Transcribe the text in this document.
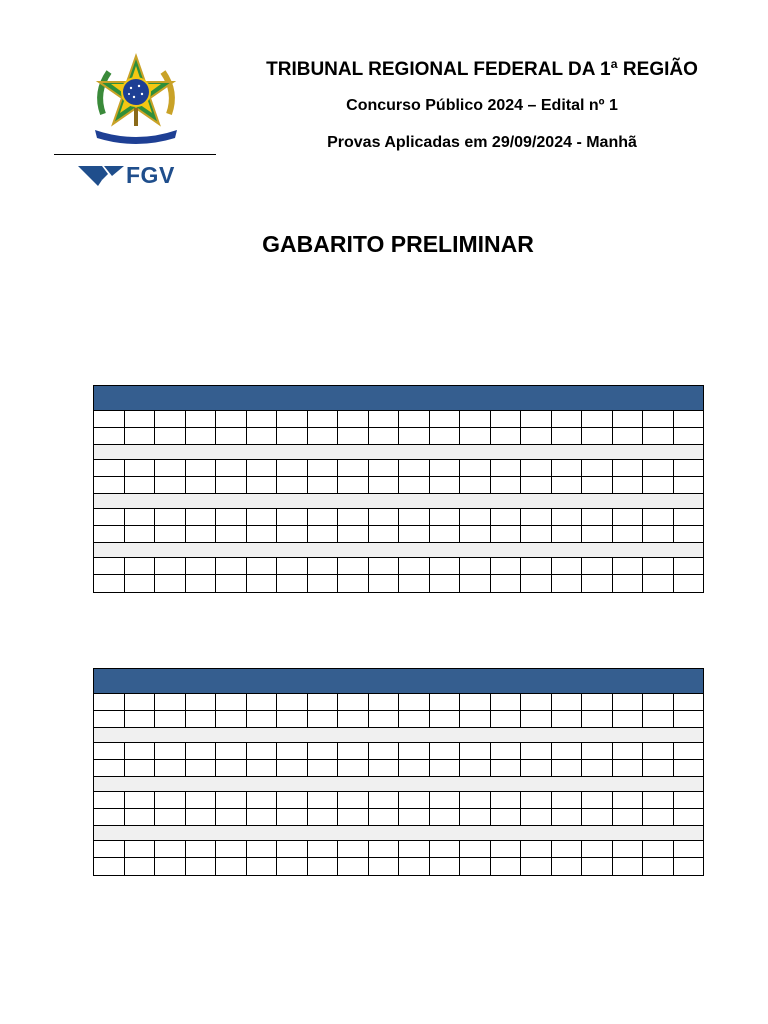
FGV
TRIBUNAL REGIONAL FEDERAL DA 1ª REGIÃO
Concurso Público 2024 – Edital nº 1
Provas Aplicadas em 29/09/2024 - Manhã
GABARITO PRELIMINAR
